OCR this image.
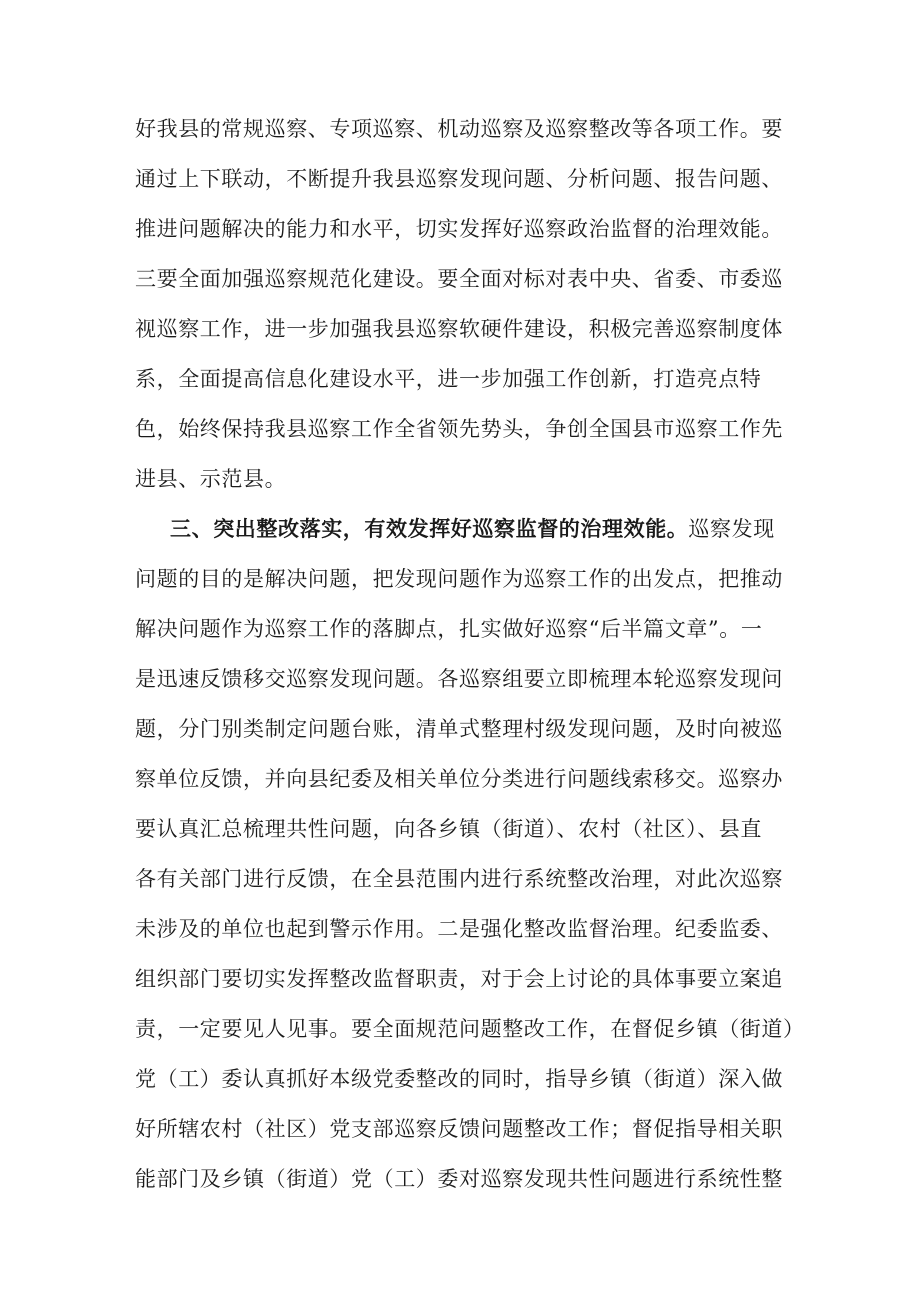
好我县的常规巡察、专项巡察、机动巡察及巡察整改等各项工作。要
通过上下联动，不断提升我县巡察发现问题、分析问题、报告问题、
推进问题解决的能力和水平，切实发挥好巡察政治监督的治理效能。
三要全面加强巡察规范化建设。要全面对标对表中央、省委、市委巡
视巡察工作，进一步加强我县巡察软硬件建设，积极完善巡察制度体
系，全面提高信息化建设水平，进一步加强工作创新，打造亮点特
色，始终保持我县巡察工作全省领先势头，争创全国县市巡察工作先
进县、示范县。
三、突出整改落实，有效发挥好巡察监督的治理效能。巡察发现
问题的目的是解决问题，把发现问题作为巡察工作的出发点，把推动
解决问题作为巡察工作的落脚点，扎实做好巡察“后半篇文章”。一
是迅速反馈移交巡察发现问题。各巡察组要立即梳理本轮巡察发现问
题，分门别类制定问题台账，清单式整理村级发现问题，及时向被巡
察单位反馈，并向县纪委及相关单位分类进行问题线索移交。巡察办
要认真汇总梳理共性问题，向各乡镇（街道）、农村（社区）、县直
各有关部门进行反馈，在全县范围内进行系统整改治理，对此次巡察
未涉及的单位也起到警示作用。二是强化整改监督治理。纪委监委、
组织部门要切实发挥整改监督职责，对于会上讨论的具体事要立案追
责，一定要见人见事。要全面规范问题整改工作，在督促乡镇（街道）
党（工）委认真抓好本级党委整改的同时，指导乡镇（街道）深入做
好所辖农村（社区）党支部巡察反馈问题整改工作；督促指导相关职
能部门及乡镇（街道）党（工）委对巡察发现共性问题进行系统性整
